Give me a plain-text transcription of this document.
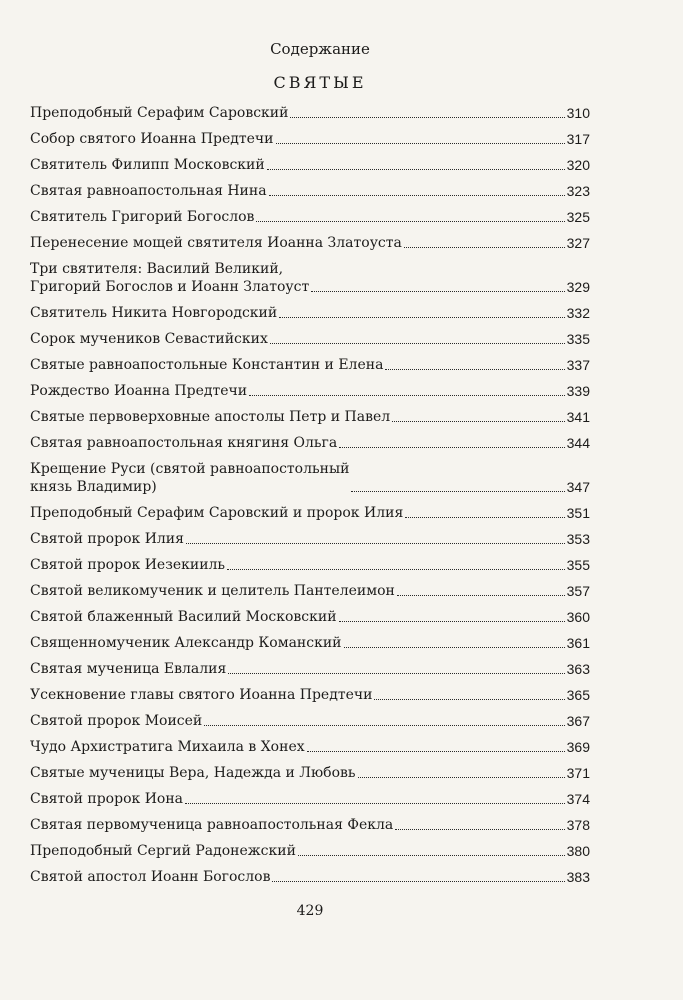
Содержание
СВЯТЫЕ
Преподобный Серафим Саровский	310
Собор святого Иоанна Предтечи	317
Святитель Филипп Московский	320
Святая равноапостольная Нина	323
Святитель Григорий Богослов	325
Перенесение мощей святителя Иоанна Златоуста	327
Три святителя: Василий Великий,
Григорий Богослов и Иоанн Златоуст	329
Святитель Никита Новгородский	332
Сорок мучеников Севастийских	335
Святые равноапостольные Константин и Елена	337
Рождество Иоанна Предтечи	339
Святые первоверховные апостолы Петр и Павел	341
Святая равноапостольная княгиня Ольга	344
Крещение Руси (святой равноапостольный
князь Владимир)	347
Преподобный Серафим Саровский и пророк Илия	351
Святой пророк Илия	353
Святой пророк Иезекииль	355
Святой великомученик и целитель Пантелеимон	357
Святой блаженный Василий Московский	360
Священномученик Александр Команский	361
Святая мученица Евлалия	363
Усекновение главы святого Иоанна Предтечи	365
Святой пророк Моисей	367
Чудо Архистратига Михаила в Хонех	369
Святые мученицы Вера, Надежда и Любовь	371
Святой пророк Иона	374
Святая первомученица равноапостольная Фекла	378
Преподобный Сергий Радонежский	380
Святой апостол Иоанн Богослов	383
429
